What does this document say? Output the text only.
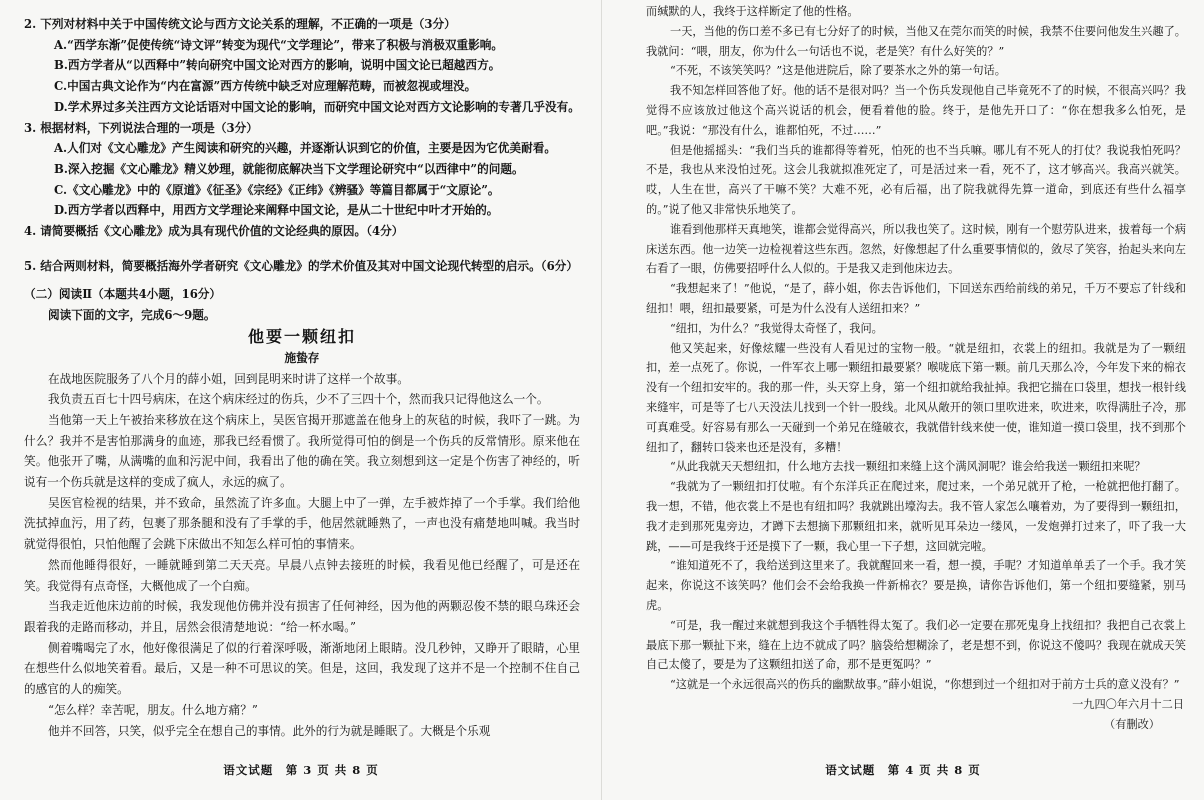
2. 下列对材料中关于中国传统文论与西方文论关系的理解，不正确的一项是（3分）

A.“西学东渐”促使传统“诗文评”转变为现代“文学理论”，带来了积极与消极双重影响。

B.西方学者从“以西释中”转向研究中国文论对西方的影响，说明中国文论已超越西方。

C.中国古典文论作为“内在富源”西方传统中缺乏对应理解范畴，而被忽视或埋没。

D.学术界过多关注西方文论话语对中国文论的影响，而研究中国文论对西方文论影响的专著几乎没有。

3. 根据材料，下列说法合理的一项是（3分）

A.人们对《文心雕龙》产生阅读和研究的兴趣，并逐渐认识到它的价值，主要是因为它优美耐看。

B.深入挖掘《文心雕龙》精义妙理，就能彻底解决当下文学理论研究中“以西律中”的问题。

C.《文心雕龙》中的《原道》《征圣》《宗经》《正纬》《辨骚》等篇目都属于“文原论”。

D.西方学者以西释中，用西方文学理论来阐释中国文论，是从二十世纪中叶才开始的。

4. 请简要概括《文心雕龙》成为具有现代价值的文论经典的原因。（4分）

5. 结合两则材料，简要概括海外学者研究《文心雕龙》的学术价值及其对中国文论现代转型的启示。（6分）

（二）阅读Ⅱ（本题共4小题，16分）

阅读下面的文字，完成6～9题。

他要一颗纽扣

施蛰存

在战地医院服务了八个月的薛小姐，回到昆明来时讲了这样一个故事。

我负责五百七十四号病床，在这个病床经过的伤兵，少不了三四十个，然而我只记得他这么一个。

当他第一天上午被抬来移放在这个病床上，吴医官揭开那遮盖在他身上的灰毡的时候，我吓了一跳。为什么？我并不是害怕那满身的血迹，那我已经看惯了。我所觉得可怕的倒是一个伤兵的反常情形。原来他在笑。他张开了嘴，从满嘴的血和污泥中间，我看出了他的确在笑。我立刻想到这一定是个伤害了神经的，听说有一个伤兵就是这样的变成了疯人，永远的疯了。

吴医官检视的结果，并不致命，虽然流了许多血。大腿上中了一弹，左手被炸掉了一个手掌。我们给他洗拭掉血污，用了药，包裹了那条腿和没有了手掌的手，他居然就睡熟了，一声也没有痛楚地叫喊。我当时就觉得很怕，只怕他醒了会跳下床做出不知怎么样可怕的事情来。

然而他睡得很好，一睡就睡到第二天天亮。早晨八点钟去接班的时候，我看见他已经醒了，可是还在笑。我觉得有点奇怪，大概他成了一个白痴。

当我走近他床边前的时候，我发现他仿佛并没有损害了任何神经，因为他的两颗忍俊不禁的眼乌珠还会跟着我的走路而移动，并且，居然会很清楚地说：“给一杯水喝。”

侧着嘴喝完了水，他好像很满足了似的行着深呼吸，渐渐地闭上眼睛。没几秒钟，又睁开了眼睛，心里在想些什么似地笑着看。最后，又是一种不可思议的笑。但是，这回，我发现了这并不是一个控制不住自己的感官的人的痴笑。

“怎么样？幸苦呢，朋友。什么地方痛？”

他并不回答，只笑，似乎完全在想自己的事情。此外的行为就是睡眠了。大概是个乐观

语文试题　第 3 页 共 8 页

而缄默的人，我终于这样断定了他的性格。

一天，当他的伤口差不多已有七分好了的时候，当他又在莞尔而笑的时候，我禁不住要问他发生兴趣了。我就问：“喂，朋友，你为什么一句话也不说，老是笑？有什么好笑的？”

“不死，不该笑笑吗？”这是他进院后，除了要茶水之外的第一句话。

我不知怎样回答他了好。他的话不是很对吗？当一个伤兵发现他自己毕竟死不了的时候，不很高兴吗？我觉得不应该放过他这个高兴说话的机会，便看着他的脸。终于，是他先开口了：“你在想我多么怕死，是吧。”我说：“那没有什么，谁都怕死，不过……”

但是他摇摇头：“我们当兵的谁都得等着死，怕死的也不当兵嘛。哪儿有不死人的打仗？我说我怕死吗？不是，我也从来没怕过死。这会儿我就拟准死定了，可是活过来一看，死不了，这才够高兴。我高兴就笑。哎，人生在世，高兴了干嘛不笑？大难不死，必有后福，出了院我就得先算一道命，到底还有些什么福享的。”说了他又非常快乐地笑了。

谁看到他那样天真地笑，谁都会觉得高兴，所以我也笑了。这时候，刚有一个慰劳队进来，拔着每一个病床送东西。他一边笑一边检视着这些东西。忽然，好像想起了什么重要事情似的，敛尽了笑容，抬起头来向左右看了一眼，仿佛要招呼什么人似的。于是我又走到他床边去。

“我想起来了！”他说，“是了，薛小姐，你去告诉他们，下回送东西给前线的弟兄，千万不要忘了针线和纽扣！喂，纽扣最要紧，可是为什么没有人送纽扣来？”

“纽扣，为什么？”我觉得太奇怪了，我问。

他又笑起来，好像炫耀一些没有人看见过的宝物一般。“就是纽扣，衣裳上的纽扣。我就是为了一颗纽扣，差一点死了。你说，一件军衣上哪一颗纽扣最要紧？喉咙底下第一颗。前几天那么冷，今年发下来的棉衣没有一个纽扣安牢的。我的那一件，头天穿上身，第一个纽扣就给我扯掉。我把它揣在口袋里，想找一根针线来缝牢，可是等了七八天没法儿找到一个针一股线。北风从敞开的领口里吹进来，吹进来，吹得满肚子冷，那可真难受。好容易有那么一天碰到一个弟兄在缝破衣，我就借针线来使一使，谁知道一摸口袋里，找不到那个纽扣了，翻转口袋来也还是没有，多糟！

“从此我就天天想纽扣，什么地方去找一颗纽扣来缝上这个满风洞呢？谁会给我送一颗纽扣来呢？

“我就为了一颗纽扣打仗啦。有个东洋兵正在爬过来，爬过来，一个弟兄就开了枪，一枪就把他打翻了。我一想，不错，他衣裳上不是也有纽扣吗？我就跳出壕沟去。我不管人家怎么嚷着劝，为了要得到一颗纽扣，我才走到那死鬼旁边，才蹲下去想摘下那颗纽扣来，就听见耳朵边一缕风，一发炮弹打过来了，吓了我一大跳，——可是我终于还是摸下了一颗，我心里一下子想，这回就完啦。

“谁知道死不了，我给送到这里来了。我就醒回来一看，想一摸，手呢？才知道单单丢了一个手。我才笑起来，你说这不该笑吗？他们会不会给我换一件新棉衣？要是换，请你告诉他们，第一个纽扣要缝紧，别马虎。

“可是，我一醒过来就想到我这个手牺牲得太冤了。我们必一定要在那死鬼身上找纽扣？我把自己衣裳上最底下那一颗扯下来，缝在上边不就成了吗？脑袋给想糊涂了，老是想不到，你说这不傻吗？我现在就成天笑自己太傻了，要是为了这颗纽扣送了命，那不是更冤吗？”

“这就是一个永远很高兴的伤兵的幽默故事。”薛小姐说，“你想到过一个纽扣对于前方士兵的意义没有？”

一九四〇年六月十二日

（有删改）

语文试题　第 4 页 共 8 页
